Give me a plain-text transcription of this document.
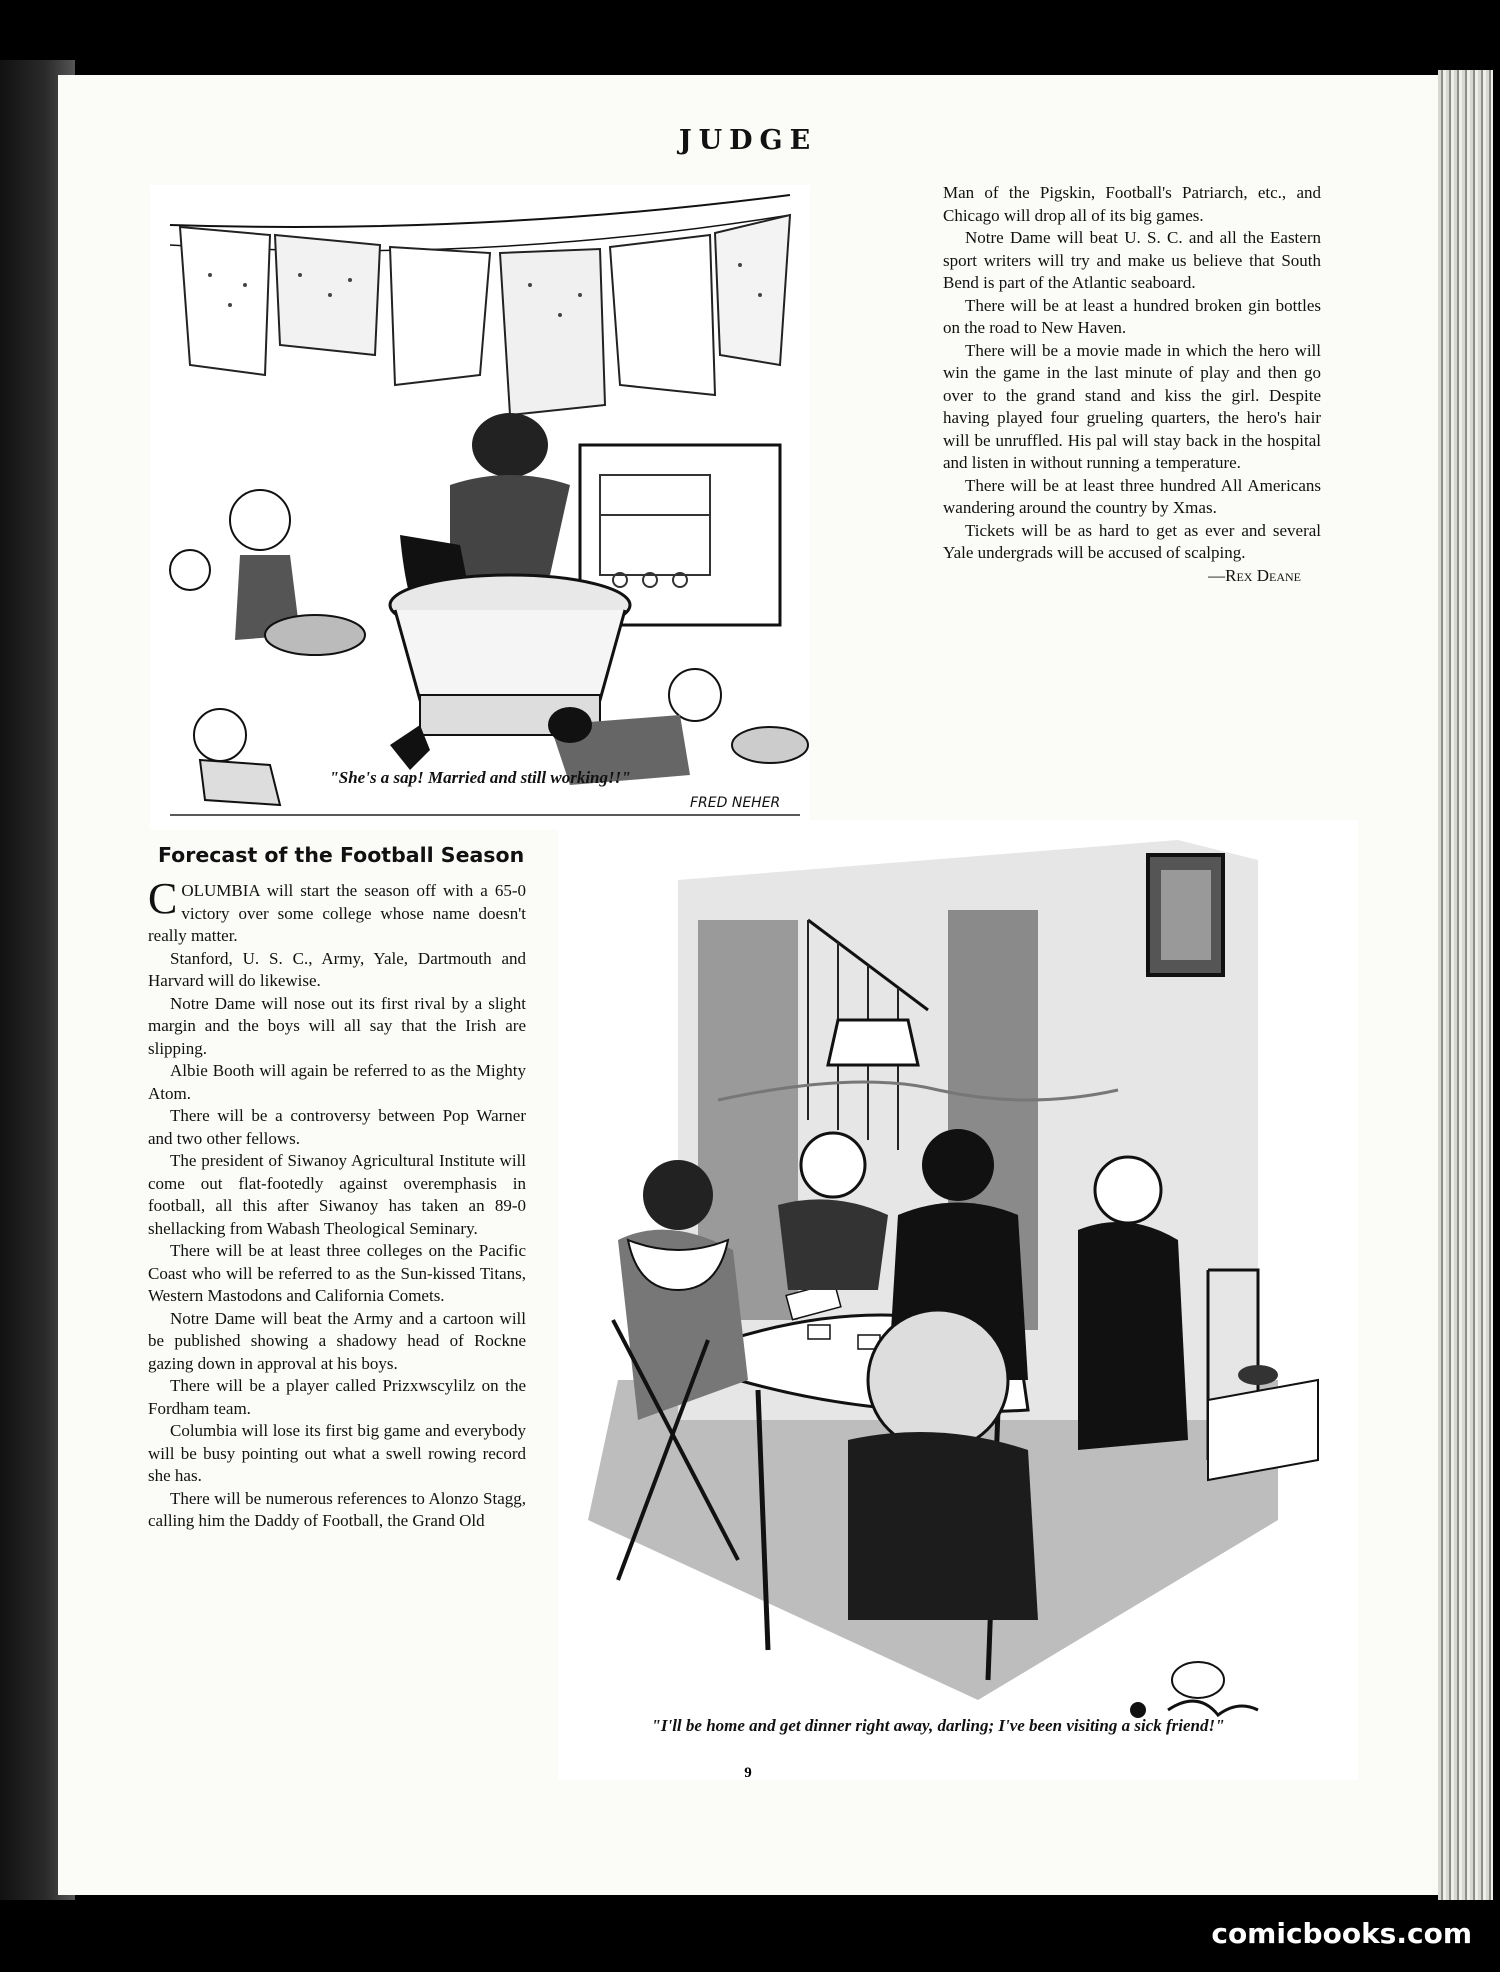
JUDGE
FRED NEHER
"She's a sap! Married and still working!!"

Man of the Pigskin, Football's Patriarch, etc., and Chicago will drop all of its big games.

Notre Dame will beat U. S. C. and all the Eastern sport writers will try and make us believe that South Bend is part of the Atlantic seaboard.

There will be at least a hundred broken gin bottles on the road to New Haven.

There will be a movie made in which the hero will win the game in the last minute of play and then go over to the grand stand and kiss the girl. Despite having played four grueling quarters, the hero's hair will be unruffled. His pal will stay back in the hospital and listen in without running a temperature.

There will be at least three hundred All Americans wandering around the country by Xmas.

Tickets will be as hard to get as ever and several Yale undergrads will be accused of scalping.

—Rex Deane
Forecast of the Football Season

COLUMBIA will start the season off with a 65-0 victory over some college whose name doesn't really matter.

Stanford, U. S. C., Army, Yale, Dartmouth and Harvard will do likewise.

Notre Dame will nose out its first rival by a slight margin and the boys will all say that the Irish are slipping.

Albie Booth will again be referred to as the Mighty Atom.

There will be a controversy between Pop Warner and two other fellows.

The president of Siwanoy Agricultural Institute will come out flat-footedly against overemphasis in football, all this after Siwanoy has taken an 89-0 shellacking from Wabash Theological Seminary.

There will be at least three colleges on the Pacific Coast who will be referred to as the Sun-kissed Titans, Western Mastodons and California Comets.

Notre Dame will beat the Army and a cartoon will be published showing a shadowy head of Rockne gazing down in approval at his boys.

There will be a player called Prizxwscylilz on the Fordham team.

Columbia will lose its first big game and everybody will be busy pointing out what a swell rowing record she has.

There will be numerous references to Alonzo Stagg, calling him the Daddy of Football, the Grand Old

"I'll be home and get dinner right away, darling; I've been visiting a sick friend!"
9
comicbooks.com
